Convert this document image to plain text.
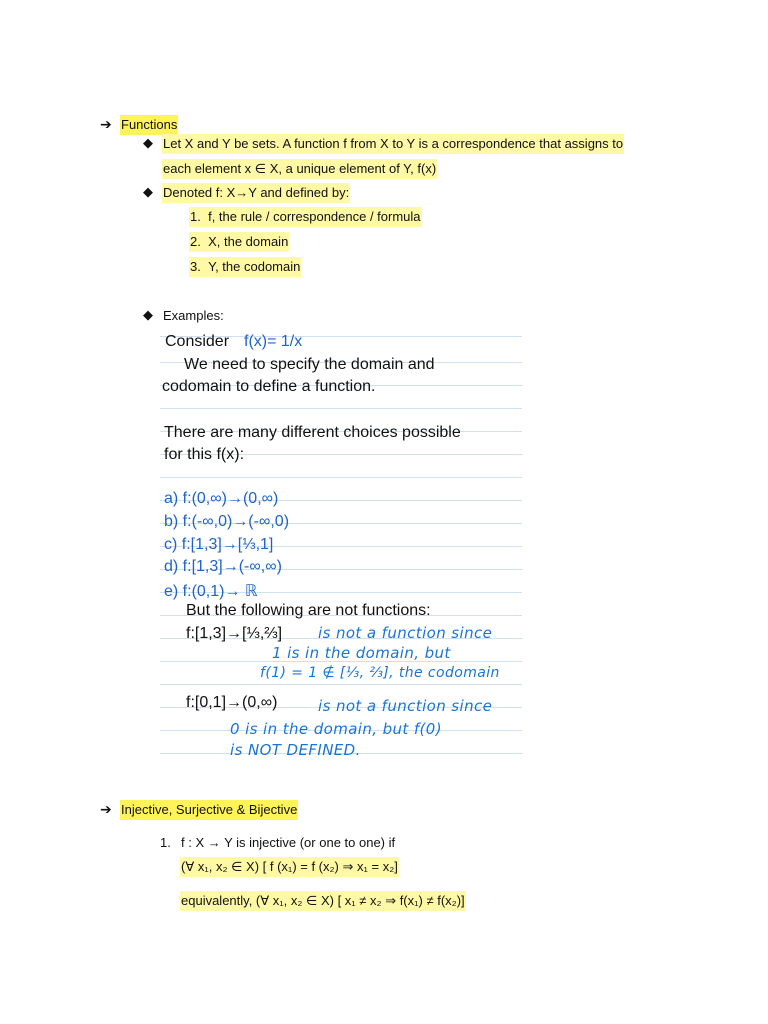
➔ Functions
◆ Let X and Y be sets. A function f from X to Y is a correspondence that assigns to
each element x ∈ X, a unique element of Y, f(x)
◆ Denoted f: X→Y and defined by:
1.  f, the rule / correspondence / formula
2.  X, the domain
3.  Y, the codomain
◆ Examples:
Consider f(x)= 1/x
We need to specify the domain and
codomain to define a function.
There are many different choices possible
for this f(x):
a) f:(0,∞)→(0,∞)
b) f:(-∞,0)→(-∞,0)
c) f:[1,3]→[⅓,1]
d) f:[1,3]→(-∞,∞)
e) f:(0,1)→ ℝ
But the following are not functions:
f:[1,3]→[⅓,⅔] is not a function since
1 is in the domain, but
f(1) = 1 ∉ [⅓, ⅔], the codomain
f:[0,1]→(0,∞)	is not a function since
0 is in the domain, but f(0)
is NOT DEFINED.
➔ Injective, Surjective & Bijective
1. f : X → Y is injective (or one to one) if
(∀ x₁, x₂ ∈ X) [ f (x₁) = f (x₂) ⇒ x₁ = x₂]
equivalently, (∀ x₁, x₂ ∈ X) [ x₁ ≠ x₂ ⇒ f(x₁) ≠ f(x₂)]
